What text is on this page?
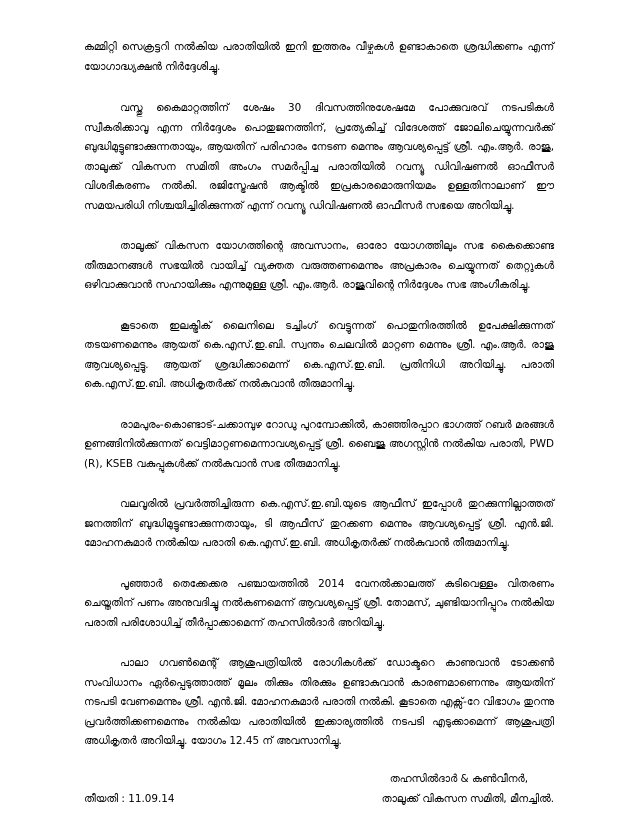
കമ്മിറ്റി സെക്രട്ടറി നൽകിയ പരാതിയിൽ ഇനി ഇത്തരം വീഴ്ചകൾ ഉണ്ടാകാതെ ശ്രദ്ധിക്കണം എന്ന് യോഗാദ്ധ്യക്ഷൻ നിർദ്ദേശിച്ചു.

വസ്തു കൈമാറ്റത്തിന് ശേഷം 30 ദിവസത്തിനുശേഷമേ പോക്കുവരവ് നടപടികൾ സ്വീകരിക്കാവൂ എന്ന നിർദ്ദേശം പൊതുജനത്തിന്, പ്രത്യേകിച്ച് വിദേശത്ത് ജോലിചെയ്യുന്നവർക്ക് ബുദ്ധിമുട്ടുണ്ടാക്കുന്നതായും, ആയതിന് പരിഹാരം നേടണ മെന്നും ആവശ്യപ്പെട്ട് ശ്രീ. എം.ആർ. രാജു, താലൂക്ക് വികസന സമിതി അംഗം സമർപ്പിച്ച പരാതിയിൽ റവന്യൂ ഡിവിഷണൽ ഓഫീസർ വിശദീകരണം നൽകി. രജിസ്ട്രേഷൻ ആക്ടിൽ ഇപ്രകാരമൊരുനിയമം ഉള്ളതിനാലാണ് ഈ സമയപരിധി നിശ്ചയിച്ചിരിക്കുന്നത് എന്ന് റവന്യൂ ഡിവിഷണൽ ഓഫീസർ സഭയെ അറിയിച്ചു.

താലൂക്ക് വികസന യോഗത്തിന്റെ അവസാനം, ഓരോ യോഗത്തിലും സഭ കൈക്കൊണ്ട തീരുമാനങ്ങൾ സഭയിൽ വായിച്ച് വ്യക്തത വരുത്തണമെന്നും അപ്രകാരം ചെയ്യുന്നത് തെറ്റുകൾ ഒഴിവാക്കുവാൻ സഹായിക്കും എന്നുമുള്ള ശ്രീ. എം.ആർ. രാജുവിന്റെ നിർദ്ദേശം സഭ അംഗീകരിച്ചു.

കൂടാതെ ഇലക്ട്രിക് ലൈനിലെ ടച്ചിംഗ് വെട്ടുന്നത് പൊതുനിരത്തിൽ ഉപേക്ഷിക്കുന്നത് തടയണമെന്നും ആയത് കെ.എസ്.ഇ.ബി. സ്വന്തം ചെലവിൽ മാറ്റണ മെന്നും ശ്രീ. എം.ആർ. രാജു ആവശ്യപ്പെട്ടു. ആയത് ശ്രദ്ധിക്കാമെന്ന് കെ.എസ്.ഇ.ബി. പ്രതിനിധി അറിയിച്ചു. പരാതി കെ.എസ്.ഇ.ബി. അധികൃതർക്ക് നൽകുവാൻ തീരുമാനിച്ചു.

രാമപുരം-കൊണ്ടാട്-ചക്കാമ്പുഴ റോഡു പുറമ്പോക്കിൽ, കാഞ്ഞിരപ്പാറ ഭാഗത്ത് റബർ മരങ്ങൾ ഉണങ്ങിനിൽക്കുന്നത് വെട്ടിമാറ്റണമെന്നാവശ്യപ്പെട്ട് ശ്രീ. ബൈജു അഗസ്റ്റിൻ നൽകിയ പരാതി, PWD (R), KSEB വകുപ്പുകൾക്ക് നൽകുവാൻ സഭ തീരുമാനിച്ചു.

വലവൂരിൽ പ്രവർത്തിച്ചിരുന്ന കെ.എസ്.ഇ.ബി.യുടെ ആഫീസ് ഇപ്പോൾ തുറക്കുന്നില്ലാത്തത് ജനത്തിന് ബുദ്ധിമുട്ടുണ്ടാക്കുന്നതായും, ടി ആഫീസ് തുറക്കണ മെന്നും ആവശ്യപ്പെട്ട് ശ്രീ. എൻ.ജി. മോഹനകുമാർ നൽകിയ പരാതി കെ.എസ്.ഇ.ബി. അധികൃതർക്ക് നൽകുവാൻ തീരുമാനിച്ചു.

പൂഞ്ഞാർ തെക്കേക്കര പഞ്ചായത്തിൽ 2014 വേനൽക്കാലത്ത് കുടിവെള്ളം വിതരണം ചെയ്തതിന് പണം അനുവദിച്ചു നൽകണമെന്ന് ആവശ്യപ്പെട്ട് ശ്രീ. തോമസ്, ചുണ്ടിയാനിപ്പുറം നൽകിയ പരാതി പരിശോധിച്ച് തീർപ്പാക്കാമെന്ന് തഹസിൽദാർ അറിയിച്ചു.

പാലാ ഗവൺമെന്റ് ആശുപത്രിയിൽ രോഗികൾക്ക് ഡോക്ടറെ കാണുവാൻ ടോക്കൺ സംവിധാനം ഏർപ്പെടുത്താത്ത് മൂലം തിക്കും തിരക്കും ഉണ്ടാകുവാൻ കാരണമാണെന്നും ആയതിന് നടപടി വേണമെന്നും ശ്രീ. എൻ.ജി. മോഹനകുമാർ പരാതി നൽകി. കൂടാതെ എക്സ്-റേ വിഭാഗം തുറന്നു പ്രവർത്തിക്കണമെന്നും നൽകിയ പരാതിയിൽ ഇക്കാര്യത്തിൽ നടപടി എടുക്കാമെന്ന് ആശുപത്രി അധികൃതർ അറിയിച്ചു. യോഗം 12.45 ന് അവസാനിച്ചു.

തഹസിൽദാർ & കൺവീനർ,
തീയതി : 11.09.14	താലൂക്ക് വികസന സമിതി, മീനച്ചിൽ.
